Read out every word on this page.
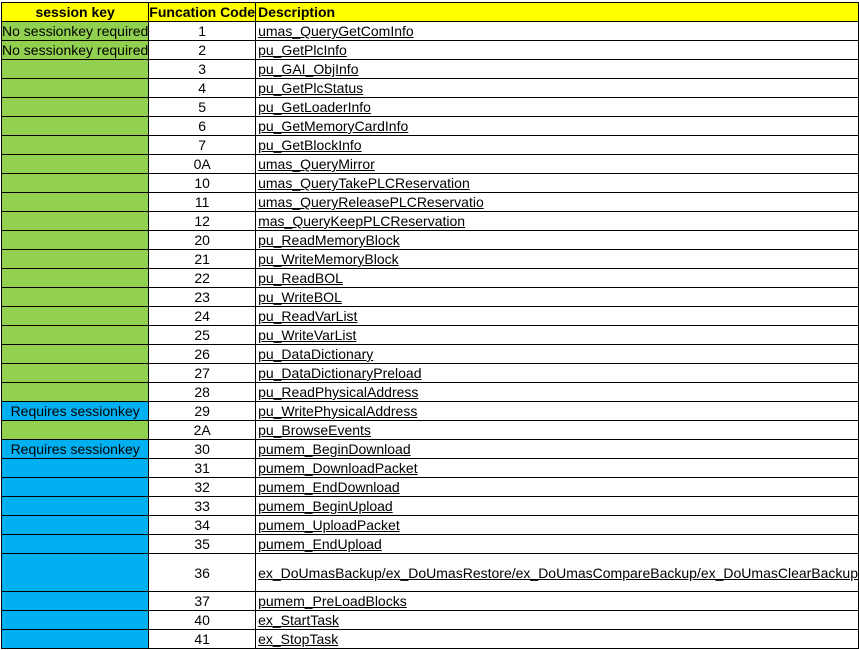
session key	Funcation Code	Description
No sessionkey required	1	umas_QueryGetComInfo
No sessionkey required	2	pu_GetPlcInfo
	3	pu_GAI_ObjInfo
	4	pu_GetPlcStatus
	5	pu_GetLoaderInfo
	6	pu_GetMemoryCardInfo
	7	pu_GetBlockInfo
	0A	umas_QueryMirror
	10	umas_QueryTakePLCReservation
	11	umas_QueryReleasePLCReservatio
	12	mas_QueryKeepPLCReservation
	20	pu_ReadMemoryBlock
	21	pu_WriteMemoryBlock
	22	pu_ReadBOL
	23	pu_WriteBOL
	24	pu_ReadVarList
	25	pu_WriteVarList
	26	pu_DataDictionary
	27	pu_DataDictionaryPreload
	28	pu_ReadPhysicalAddress
Requires sessionkey	29	pu_WritePhysicalAddress
	2A	pu_BrowseEvents
Requires sessionkey	30	pumem_BeginDownload
	31	pumem_DownloadPacket
	32	pumem_EndDownload
	33	pumem_BeginUpload
	34	pumem_UploadPacket
	35	pumem_EndUpload
	36	ex_DoUmasBackup/ex_DoUmasRestore/ex_DoUmasCompareBackup/ex_DoUmasClearBackup
	37	pumem_PreLoadBlocks
	40	ex_StartTask
	41	ex_StopTask
